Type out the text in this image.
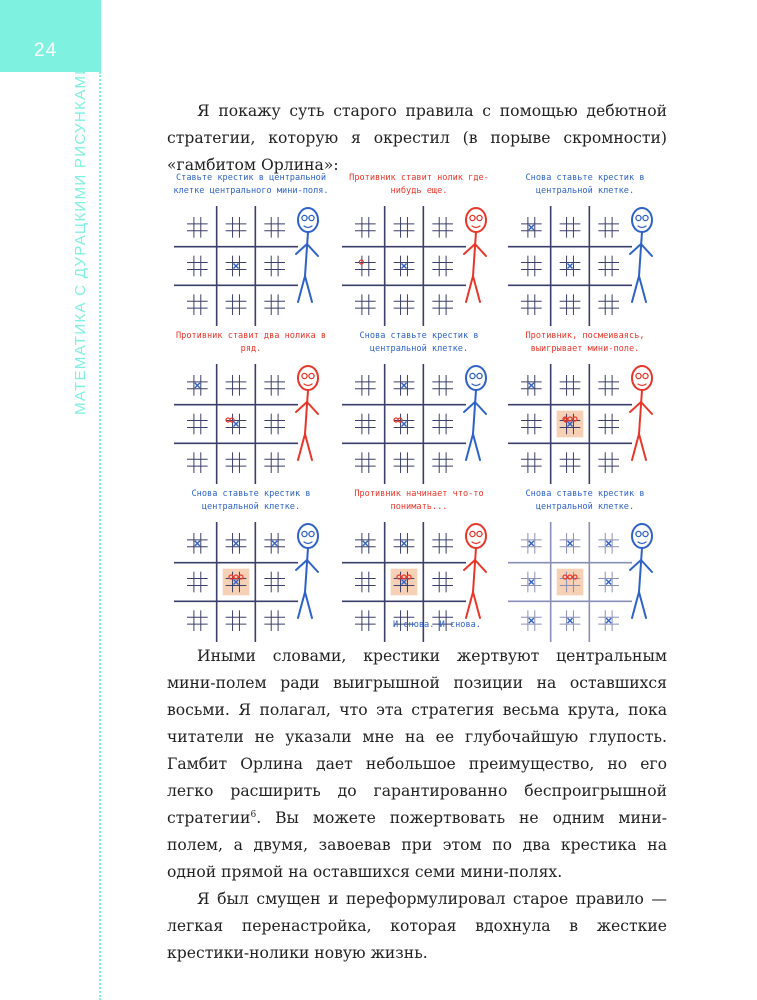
24
МАТЕМАТИКА С ДУРАЦКИМИ РИСУНКАМИ	Я покажу суть старого правила с помощью дебютной стратегии, которую я окрестил (в порыве скромности) «гамбитом Орлина»:

Ставьте крестик в центральной клетке центрального мини-поля.
Противник ставит нолик где-нибудь еще.
Снова ставьте крестик в центральной клетке.
Противник ставит два нолика в ряд.
Снова ставьте крестик в центральной клетке.
Противник, посмеиваясь, выигрывает мини-поле.
Снова ставьте крестик в центральной клетке.
Противник начинает что-то понимать...
Снова ставьте крестик в центральной клетке.
И снова. И снова.

Иными словами, крестики жертвуют центральным мини-полем ради выигрышной позиции на оставшихся восьми. Я полагал, что эта стратегия весьма крута, пока читатели не указали мне на ее глубочайшую глупость. Гамбит Орлина дает небольшое преимущество, но его легко расширить до гарантированно беспроигрышной стратегии$^6$. Вы можете пожертвовать не одним мини-полем, а двумя, завоевав при этом по два крестика на одной прямой на оставшихся семи мини-полях.

Я был смущен и переформулировал старое правило — легкая перенастройка, которая вдохнула в жесткие крестики-нолики новую жизнь.
